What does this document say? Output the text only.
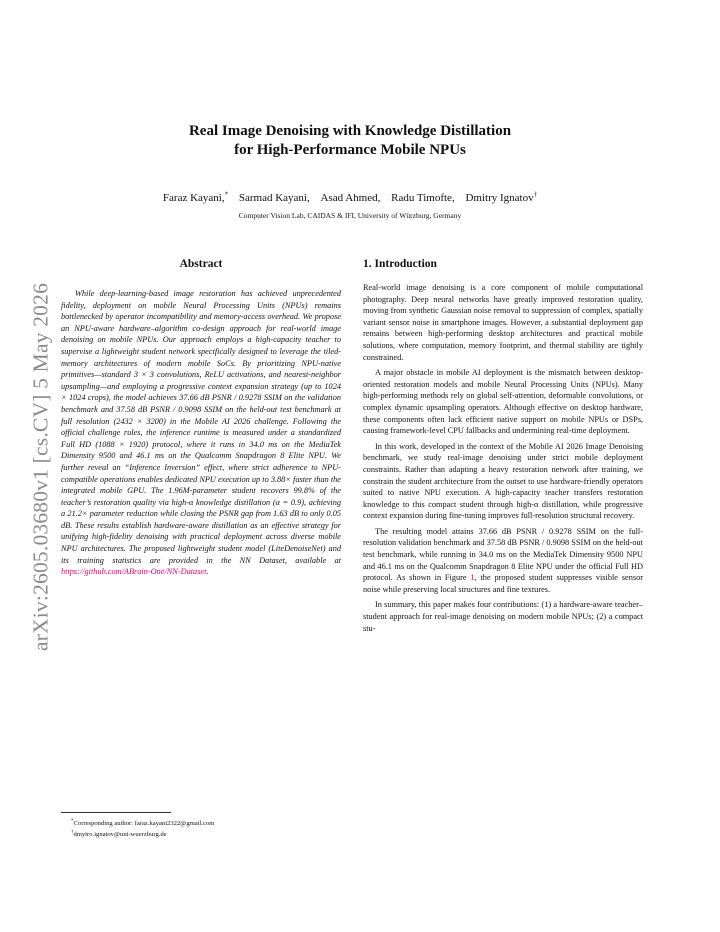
arXiv:2605.03680v1 [cs.CV] 5 May 2026
Real Image Denoising with Knowledge Distillation
for High-Performance Mobile NPUs
Faraz Kayani,* Sarmad Kayani, Asad Ahmed, Radu Timofte, Dmitry Ignatov†
Computer Vision Lab, CAIDAS & IFI, University of Würzburg, Germany
Abstract

While deep-learning-based image restoration has achieved unprecedented fidelity, deployment on mobile Neural Processing Units (NPUs) remains bottlenecked by operator incompatibility and memory-access overhead. We propose an NPU-aware hardware–algorithm co-design approach for real-world image denoising on mobile NPUs. Our approach employs a high-capacity teacher to supervise a lightweight student network specifically designed to leverage the tiled-memory architectures of modern mobile SoCs. By prioritizing NPU-native primitives—standard 3 × 3 convolutions, ReLU activations, and nearest-neighbor upsampling—and employing a progressive context expansion strategy (up to 1024 × 1024 crops), the model achieves 37.66 dB PSNR / 0.9278 SSIM on the validation benchmark and 37.58 dB PSNR / 0.9098 SSIM on the held-out test benchmark at full resolution (2432 × 3200) in the Mobile AI 2026 challenge. Following the official challenge rules, the inference runtime is measured under a standardized Full HD (1088 × 1920) protocol, where it runs in 34.0 ms on the MediaTek Dimensity 9500 and 46.1 ms on the Qualcomm Snapdragon 8 Elite NPU. We further reveal an “Inference Inversion” effect, where strict adherence to NPU-compatible operations enables dedicated NPU execution up to 3.88× faster than the integrated mobile GPU. The 1.96M-parameter student recovers 99.8% of the teacher’s restoration quality via high-α knowledge distillation (α = 0.9), achieving a 21.2× parameter reduction while closing the PSNR gap from 1.63 dB to only 0.05 dB. These results establish hardware-aware distillation as an effective strategy for unifying high-fidelity denoising with practical deployment across diverse mobile NPU architectures. The proposed lightweight student model (LiteDenoiseNet) and its training statistics are provided in the NN Dataset, available at https://github.com/ABrain-One/NN-Dataset.

1. Introduction

Real-world image denoising is a core component of mobile computational photography. Deep neural networks have greatly improved restoration quality, moving from synthetic Gaussian noise removal to suppression of complex, spatially variant sensor noise in smartphone images. However, a substantial deployment gap remains between high-performing desktop architectures and practical mobile solutions, where computation, memory footprint, and thermal stability are tightly constrained.

A major obstacle in mobile AI deployment is the mismatch between desktop-oriented restoration models and mobile Neural Processing Units (NPUs). Many high-performing methods rely on global self-attention, deformable convolutions, or complex dynamic upsampling operators. Although effective on desktop hardware, these components often lack efficient native support on mobile NPUs or DSPs, causing framework-level CPU fallbacks and undermining real-time deployment.

In this work, developed in the context of the Mobile AI 2026 Image Denoising benchmark, we study real-image denoising under strict mobile deployment constraints. Rather than adapting a heavy restoration network after training, we constrain the student architecture from the outset to use hardware-friendly operators suited to native NPU execution. A high-capacity teacher transfers restoration knowledge to this compact student through high-α distillation, while progressive context expansion during fine-tuning improves full-resolution structural recovery.

The resulting model attains 37.66 dB PSNR / 0.9278 SSIM on the full-resolution validation benchmark and 37.58 dB PSNR / 0.9098 SSIM on the held-out test benchmark, while running in 34.0 ms on the MediaTek Dimensity 9500 NPU and 46.1 ms on the Qualcomm Snapdragon 8 Elite NPU under the official Full HD protocol. As shown in Figure 1, the proposed student suppresses visible sensor noise while preserving local structures and fine textures.

In summary, this paper makes four contributions: (1) a hardware-aware teacher–student approach for real-image denoising on modern mobile NPUs; (2) a compact stu-

*Corresponding author: faraz.kayani2322@gmail.com

†dmytro.ignatov@uni-wuerzburg.de
